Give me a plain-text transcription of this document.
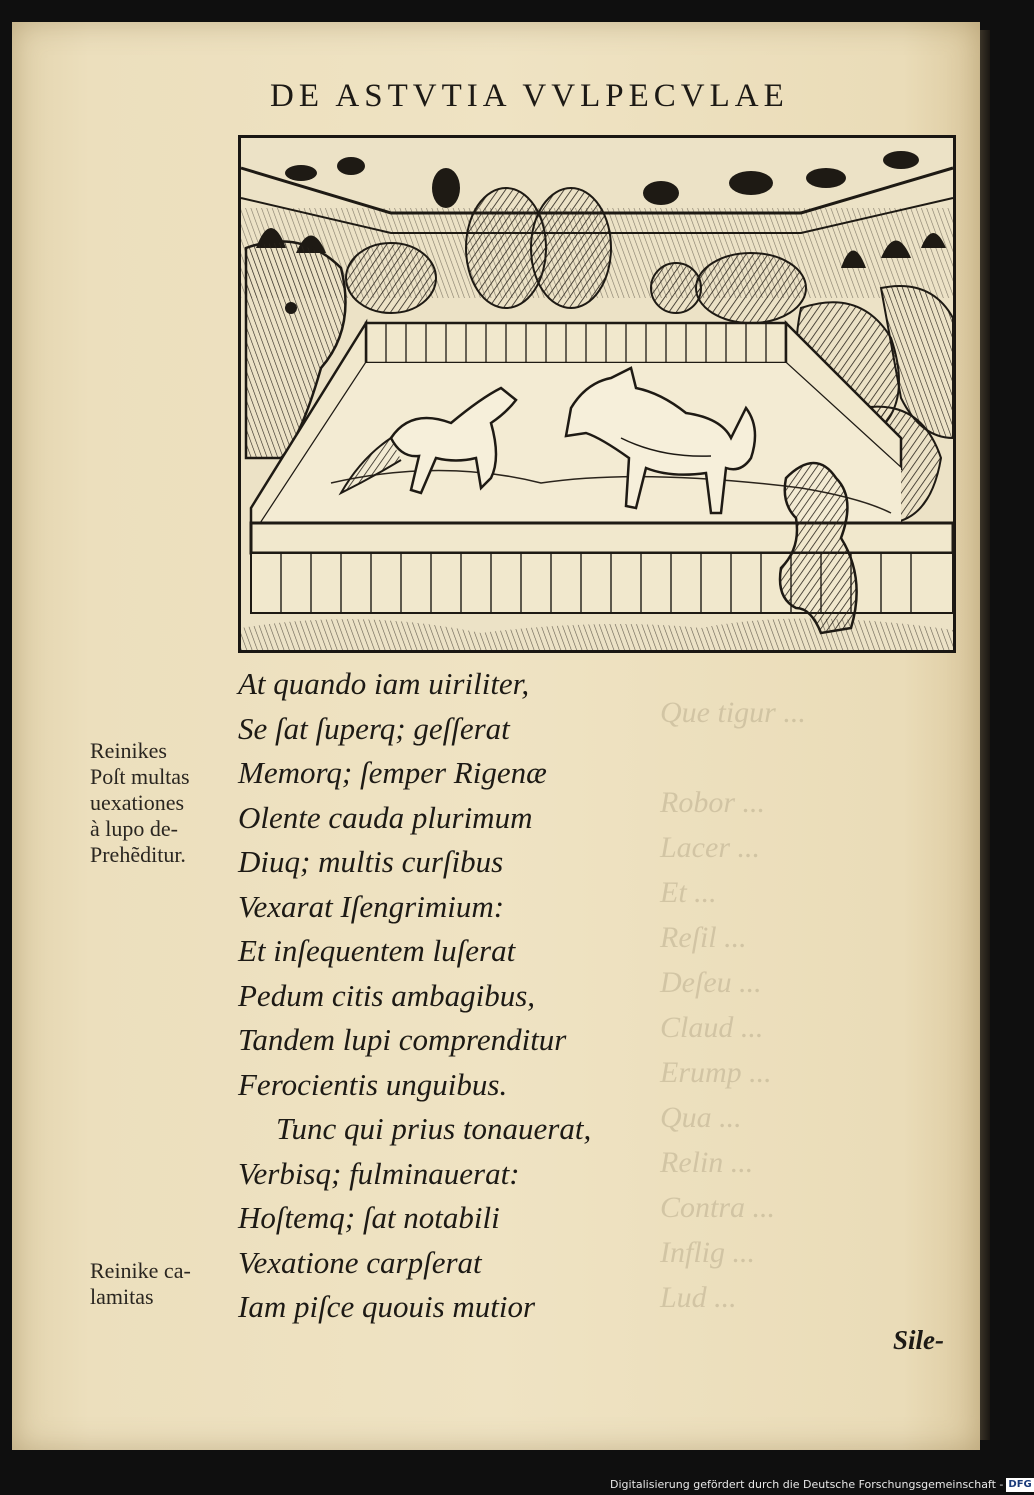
DE ASTVTIA VVLPECVLAE
Reinikes
Poſt multas
uexationes
à lupo de-
Prehẽditur.
Reinike ca-
lamitas
At quando iam uiriliter,
Se ſat ſuperq; geſſerat
Memorq; ſemper Rigenæ
Olente cauda plurimum
Diuq; multis curſibus
Vexarat Iſengrimium:
Et inſequentem luſerat
Pedum citis ambagibus,
Tandem lupi comprenditur
Ferocientis unguibus.
Tunc qui prius tonauerat,
Verbisq; fulminauerat:
Hoſtemq; ſat notabili
Vexatione carpſerat
Iam piſce quouis mutior
Sile-
Digitalisierung gefördert durch die Deutsche Forschungsgemeinschaft - DFG
